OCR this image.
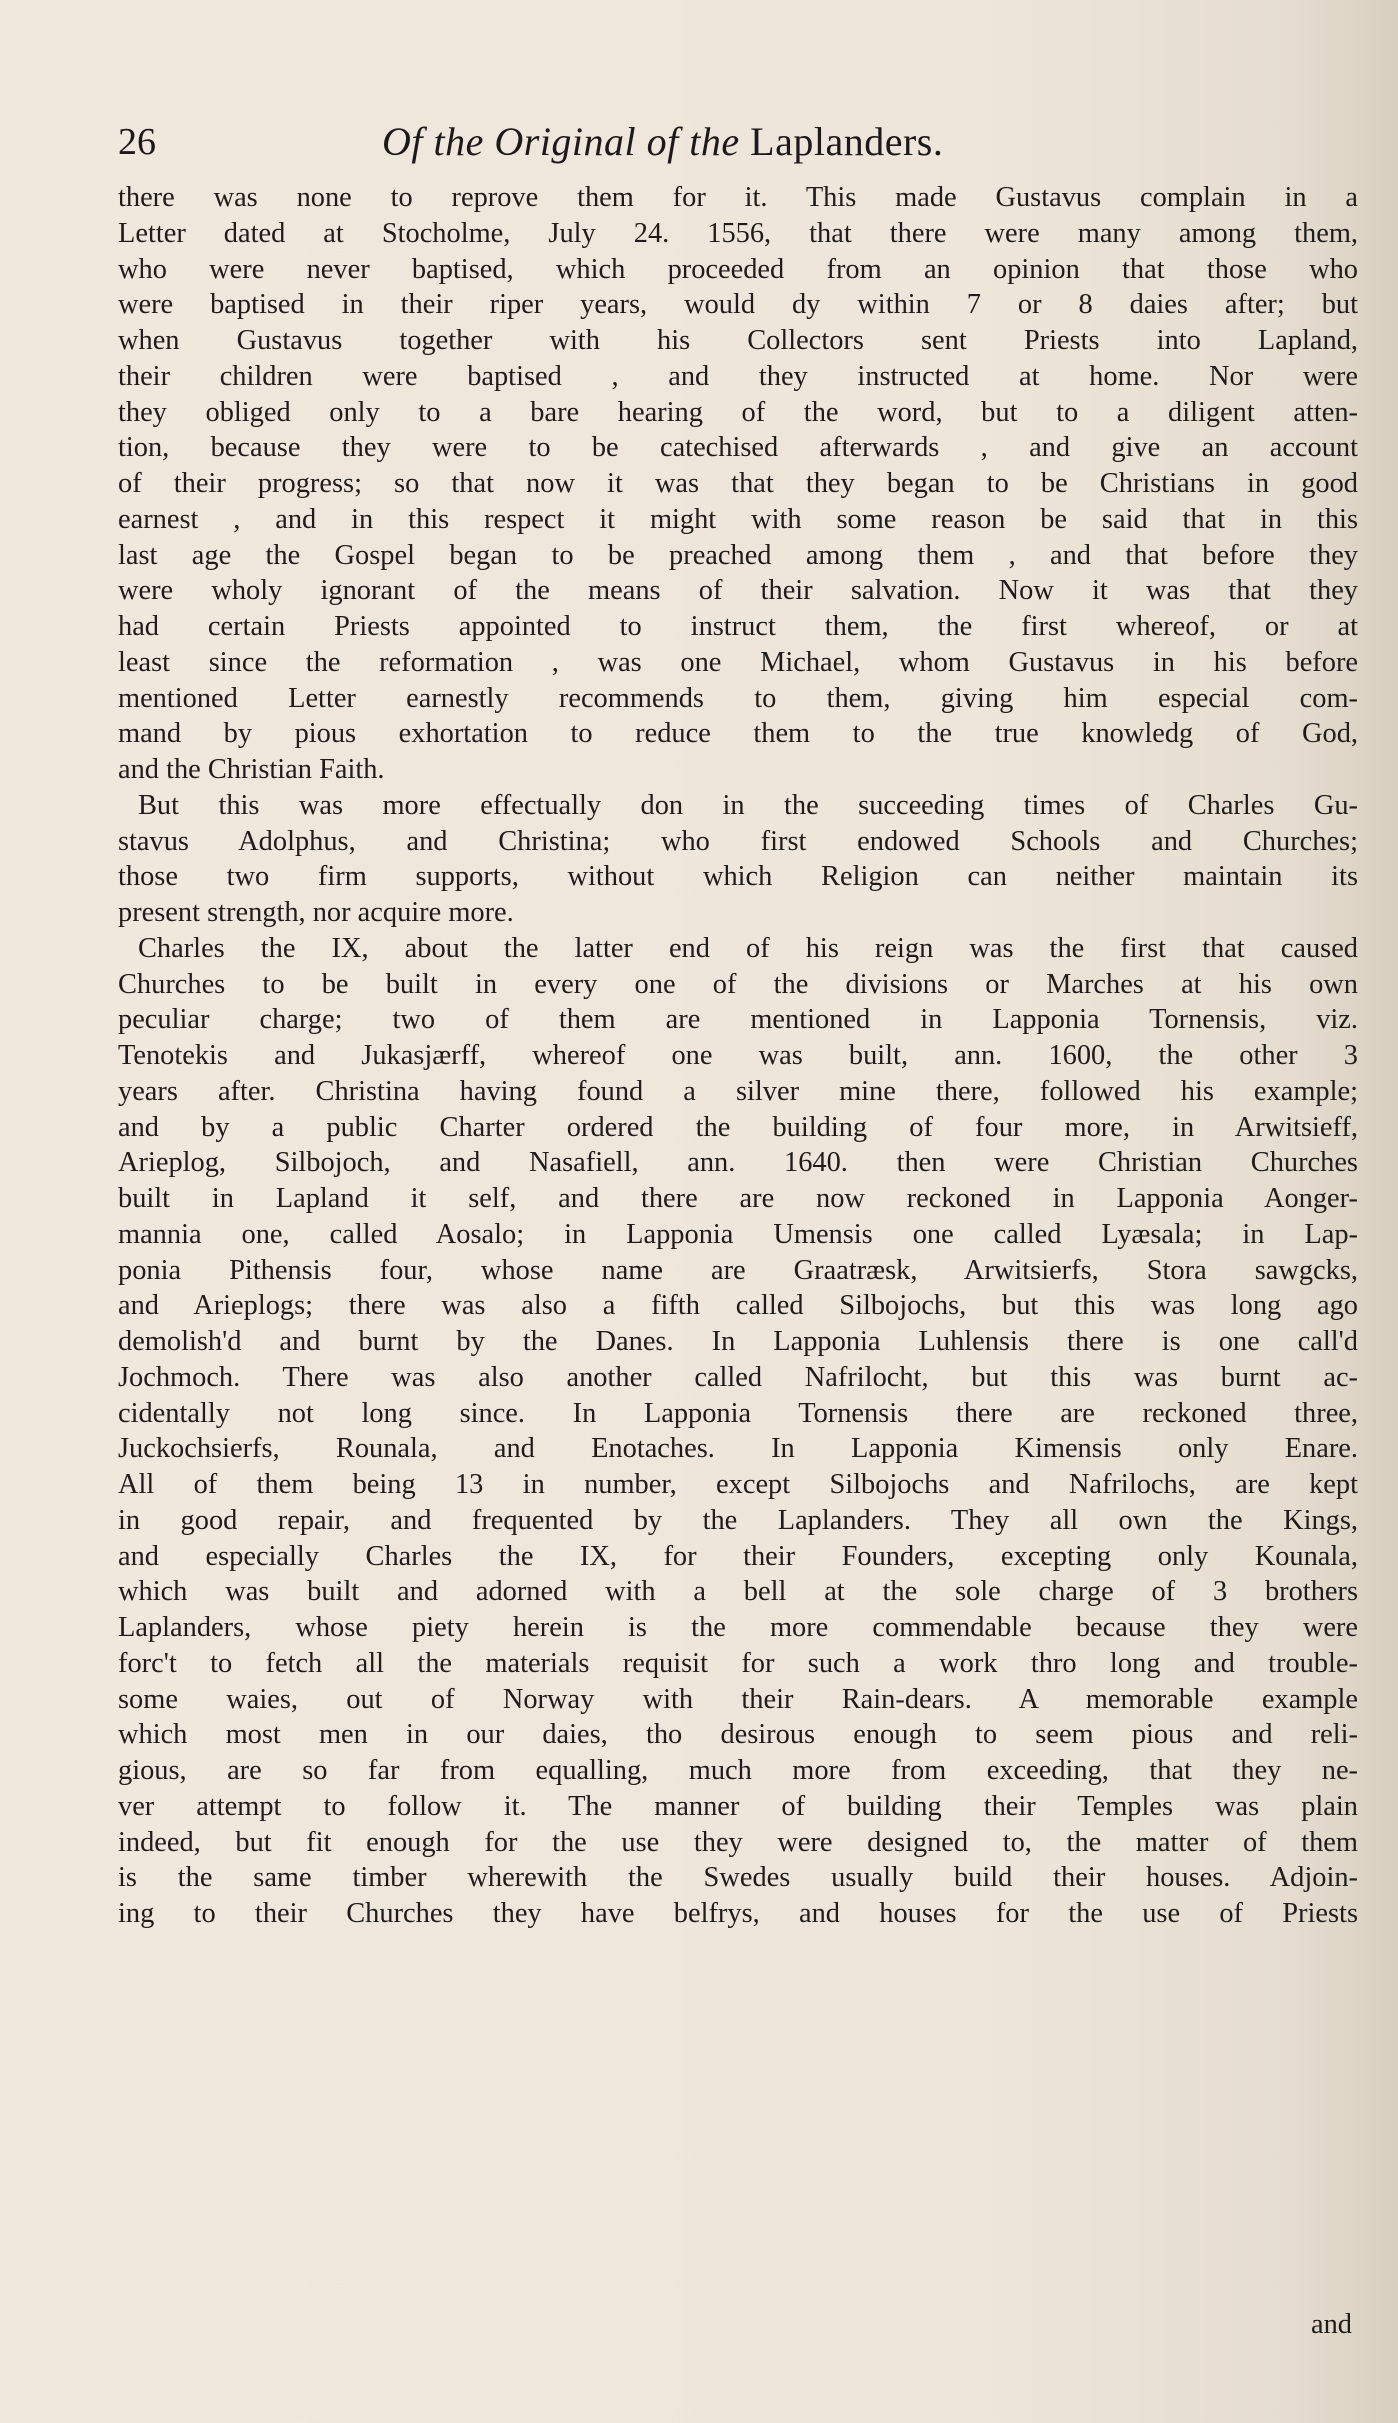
26	Of the Original of the Laplanders.
there was none to reprove them for it. This made Gustavus complain in a
Letter dated at Stocholme, July 24. 1556, that there were many among them,
who were never baptised, which proceeded from an opinion that those who
were baptised in their riper years, would dy within 7 or 8 daies after; but
when Gustavus together with his Collectors sent Priests into Lapland,
their children were baptised , and they instructed at home. Nor were
they obliged only to a bare hearing of the word, but to a diligent atten-
tion, because they were to be catechised afterwards , and give an account
of their progress; so that now it was that they began to be Christians in good
earnest , and in this respect it might with some reason be said that in this
last age the Gospel began to be preached among them , and that before they
were wholy ignorant of the means of their salvation. Now it was that they
had certain Priests appointed to instruct them, the first whereof, or at
least since the reformation , was one Michael, whom Gustavus in his before
mentioned Letter earnestly recommends to them, giving him especial com-
mand by pious exhortation to reduce them to the true knowledg of God,
and the Christian Faith.
But this was more effectually don in the succeeding times of Charles Gu-
stavus Adolphus, and Christina; who first endowed Schools and Churches;
those two firm supports, without which Religion can neither maintain its
present strength, nor acquire more.
Charles the IX, about the latter end of his reign was the first that caused
Churches to be built in every one of the divisions or Marches at his own
peculiar charge; two of them are mentioned in Lapponia Tornensis, viz.
Tenotekis and Jukasjærff, whereof one was built, ann. 1600, the other 3
years after. Christina having found a silver mine there, followed his example;
and by a public Charter ordered the building of four more, in Arwitsieff,
Arieplog, Silbojoch, and Nasafiell, ann. 1640. then were Christian Churches
built in Lapland it self, and there are now reckoned in Lapponia Aonger-
mannia one, called Aosalo; in Lapponia Umensis one called Lyæsala; in Lap-
ponia Pithensis four, whose name are Graatræsk, Arwitsierfs, Stora sawgcks,
and Arieplogs; there was also a fifth called Silbojochs, but this was long ago
demolish'd and burnt by the Danes. In Lapponia Luhlensis there is one call'd
Jochmoch. There was also another called Nafrilocht, but this was burnt ac-
cidentally not long since. In Lapponia Tornensis there are reckoned three,
Juckochsierfs, Rounala, and Enotaches. In Lapponia Kimensis only Enare.
All of them being 13 in number, except Silbojochs and Nafrilochs, are kept
in good repair, and frequented by the Laplanders. They all own the Kings,
and especially Charles the IX, for their Founders, excepting only Kounala,
which was built and adorned with a bell at the sole charge of 3 brothers
Laplanders, whose piety herein is the more commendable because they were
forc't to fetch all the materials requisit for such a work thro long and trouble-
some waies, out of Norway with their Rain-dears. A memorable example
which most men in our daies, tho desirous enough to seem pious and reli-
gious, are so far from equalling, much more from exceeding, that they ne-
ver attempt to follow it. The manner of building their Temples was plain
indeed, but fit enough for the use they were designed to, the matter of them
is the same timber wherewith the Swedes usually build their houses. Adjoin-
ing to their Churches they have belfrys, and houses for the use of Priests
and
